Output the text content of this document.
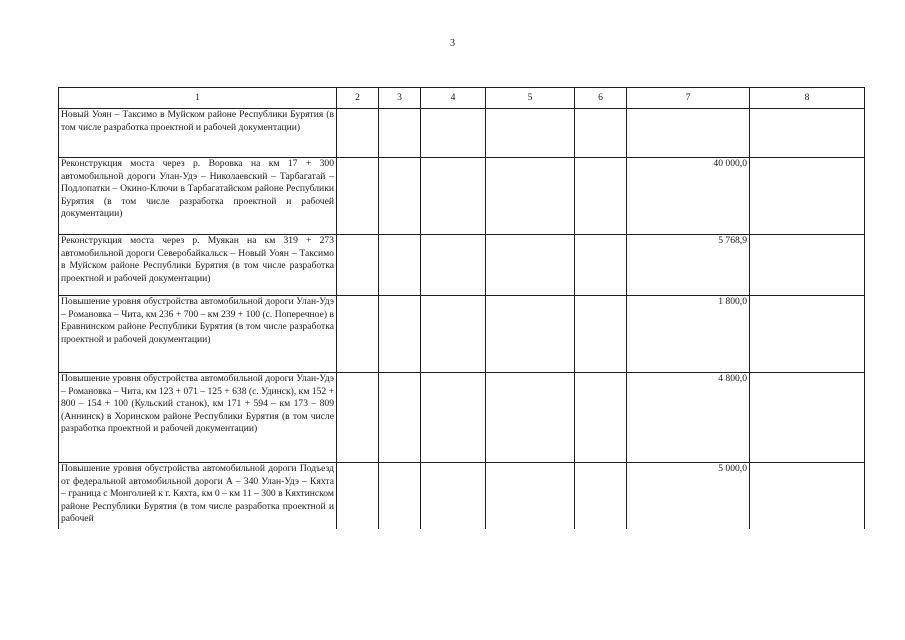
3
1	2	3	4	5	6	7	8
Новый Уоян – Таксимо в Муйском районе Республики Бурятия (в том числе разработка проектной и рабочей документации)							
Реконструкция моста через р. Воровка на км 17 + 300 автомобильной дороги Улан-Удэ – Николаевский – Тарбагатай – Подлопатки – Окино-Ключи в Тарбагатайском районе Республики Бурятия (в том числе разработка проектной и рабочей документации)						40 000,0	
Реконструкция моста через р. Муякан на км 319 + 273 автомобильной дороги Северобайкальск – Новый Уоян – Таксимо в Муйском районе Республики Бурятия (в том числе разработка проектной и рабочей документации)						5 768,9	
Повышение уровня обустройства автомобильной дороги Улан-Удэ – Романовка – Чита, км 236 + 700 – км 239 + 100 (с. Поперечное) в Еравнинском районе Республики Бурятия (в том числе разработка проектной и рабочей документации)						1 800,0	
Повышение уровня обустройства автомобильной дороги Улан-Удэ – Романовка – Чита, км 123 + 071 – 125 + 638 (с. Удинск), км 152 + 800 – 154 + 100 (Кульский станок), км 171 + 594 – км 173 – 809 (Аннинск) в Хоринском районе Республики Бурятия (в том числе разработка проектной и рабочей документации)						4 800,0	
Повышение уровня обустройства автомобильной дороги Подъезд от федеральной автомобильной дороги А – 340 Улан-Удэ – Кяхта – граница с Монголией к г. Кяхта, км 0 – км 11 – 300 в Кяхтинском районе Республики Бурятия (в том числе разработка проектной и рабочей						5 000,0	
